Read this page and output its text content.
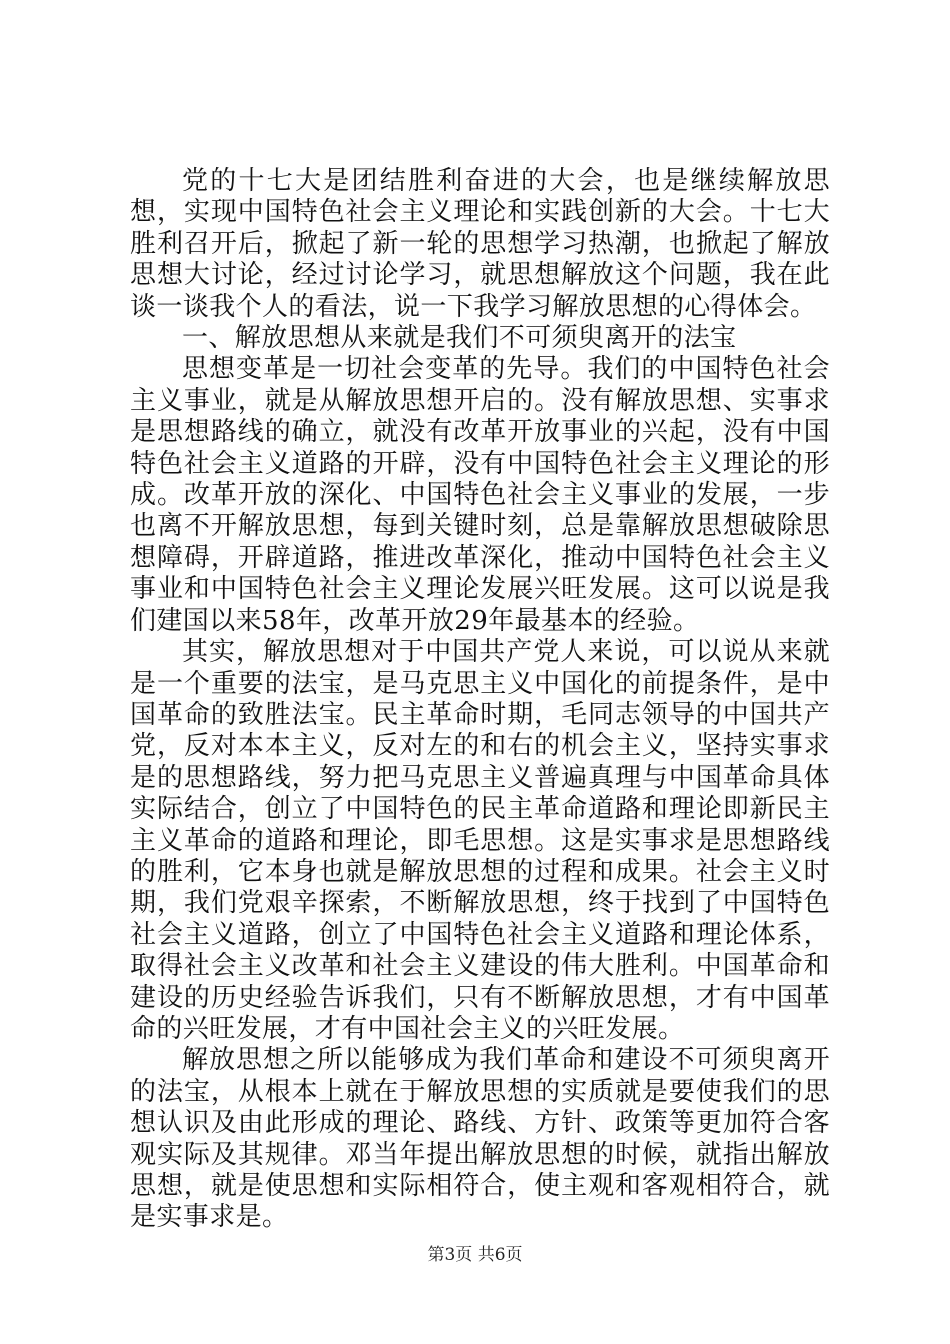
党的十七大是团结胜利奋进的大会，也是继续解放思想，实现中国特色社会主义理论和实践创新的大会。十七大胜利召开后，掀起了新一轮的思想学习热潮，也掀起了解放思想大讨论，经过讨论学习，就思想解放这个问题，我在此谈一谈我个人的看法，说一下我学习解放思想的心得体会。

一、解放思想从来就是我们不可须臾离开的法宝

思想变革是一切社会变革的先导。我们的中国特色社会主义事业，就是从解放思想开启的。没有解放思想、实事求是思想路线的确立，就没有改革开放事业的兴起，没有中国特色社会主义道路的开辟，没有中国特色社会主义理论的形成。改革开放的深化、中国特色社会主义事业的发展，一步也离不开解放思想，每到关键时刻，总是靠解放思想破除思想障碍，开辟道路，推进改革深化，推动中国特色社会主义事业和中国特色社会主义理论发展兴旺发展。这可以说是我们建国以来58年，改革开放29年最基本的经验。

其实，解放思想对于中国共产党人来说，可以说从来就是一个重要的法宝，是马克思主义中国化的前提条件，是中国革命的致胜法宝。民主革命时期，毛同志领导的中国共产党，反对本本主义，反对左的和右的机会主义，坚持实事求是的思想路线，努力把马克思主义普遍真理与中国革命具体实际结合，创立了中国特色的民主革命道路和理论即新民主主义革命的道路和理论，即毛思想。这是实事求是思想路线的胜利，它本身也就是解放思想的过程和成果。社会主义时期，我们党艰辛探索，不断解放思想，终于找到了中国特色社会主义道路，创立了中国特色社会主义道路和理论体系，取得社会主义改革和社会主义建设的伟大胜利。中国革命和建设的历史经验告诉我们，只有不断解放思想，才有中国革命的兴旺发展，才有中国社会主义的兴旺发展。

解放思想之所以能够成为我们革命和建设不可须臾离开的法宝，从根本上就在于解放思想的实质就是要使我们的思想认识及由此形成的理论、路线、方针、政策等更加符合客观实际及其规律。邓当年提出解放思想的时候，就指出解放思想，就是使思想和实际相符合，使主观和客观相符合，就是实事求是。

第3页 共6页
